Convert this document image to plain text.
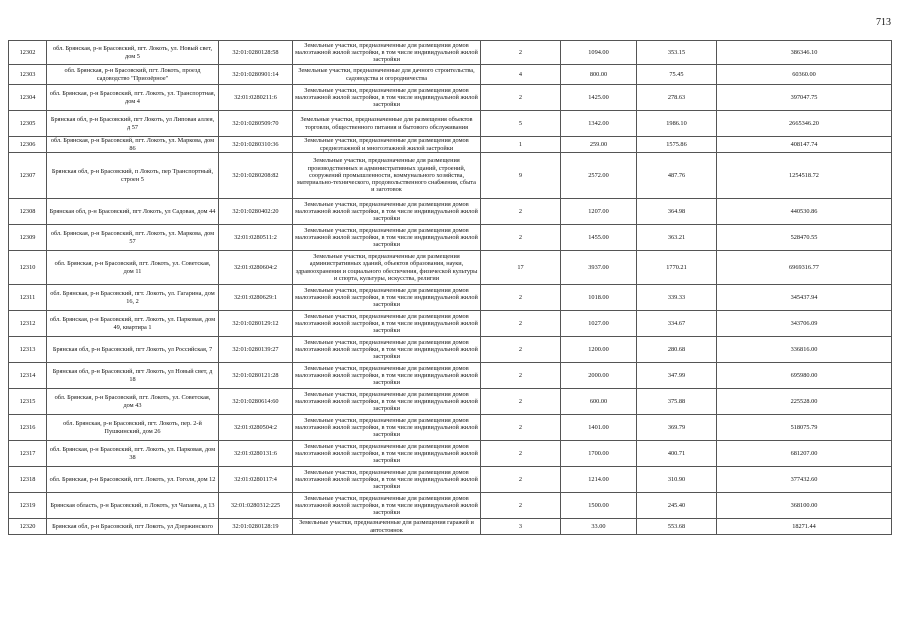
713
12302	обл. Брянская, р-н Брасовский, пгт. Локоть, ул. Новый свет, дом 5	32:01:0280128:58	Земельные участки, предназначенные для размещения домов малоэтажной жилой застройки, в том числе индивидуальной жилой застройки	2	1094.00	353.15	386346.10
12303	обл. Брянская, р-н Брасовский, пгт. Локоть, проезд садоводство "Приозёрное"	32:01:0280901:14	Земельные участки, предназначенные для дачного строительства, садоводства и огородничества	4	800.00	75.45	60360.00
12304	обл. Брянская, р-н Брасовский, пгт. Локоть, ул. Транспортная, дом 4	32:01:0280211:6	Земельные участки, предназначенные для размещения домов малоэтажной жилой застройки, в том числе индивидуальной жилой застройки	2	1425.00	278.63	397047.75
12305	Брянская обл, р-н Брасовский, пгт Локоть, ул Липовая аллея, д 57	32:01:0280509:70	Земельные участки, предназначенные для размещения объектов торговли, общественного питания и бытового обслуживания	5	1342.00	1986.10	2665346.20
12306	обл. Брянская, р-н Брасовский, пгт. Локоть, ул. Маркова, дом 86	32:01:0280310:36	Земельные участки, предназначенные для размещения домов среднеэтажной и многоэтажной жилой застройки	1	259.00	1575.86	408147.74
12307	Брянская обл, р-н Брасовский, п Локоть, пер Транспортный, строен 5	32:01:0280208:82	Земельные участки, предназначенные для размещения производственных и административных зданий, строений, сооружений промышленности, коммунального хозяйства, материально-технического, продовольственного снабжения, сбыта и заготовок	9	2572.00	487.76	1254518.72
12308	Брянская обл, р-н Брасовский, пгт Локоть, ул Садовая, дом 44	32:01:0280402:20	Земельные участки, предназначенные для размещения домов малоэтажной жилой застройки, в том числе индивидуальной жилой застройки	2	1207.00	364.98	440530.86
12309	обл. Брянская, р-н Брасовский, пгт. Локоть, ул. Маркова, дом 57	32:01:0280511:2	Земельные участки, предназначенные для размещения домов малоэтажной жилой застройки, в том числе индивидуальной жилой застройки	2	1455.00	363.21	528470.55
12310	обл. Брянская, р-н Брасовский, пгт. Локоть, ул. Советская, дом 11	32:01:0280604:2	Земельные участки, предназначенные для размещения административных зданий, объектов образования, науки, здравоохранения и социального обеспечения, физической культуры и спорта, культуры, искусства, религии	17	3937.00	1770.21	6969316.77
12311	обл. Брянская, р-н Брасовский, пгт. Локоть, ул. Гагарина, дом 16, 2	32:01:0280629:1	Земельные участки, предназначенные для размещения домов малоэтажной жилой застройки, в том числе индивидуальной жилой застройки	2	1018.00	339.33	345437.94
12312	обл. Брянская, р-н Брасовский, пгт. Локоть, ул. Парковая, дом 49, квартира 1	32:01:0280129:12	Земельные участки, предназначенные для размещения домов малоэтажной жилой застройки, в том числе индивидуальной жилой застройки	2	1027.00	334.67	343706.09
12313	Брянская обл, р-н Брасовский, пгт Локоть, ул Российская, 7	32:01:0280139:27	Земельные участки, предназначенные для размещения домов малоэтажной жилой застройки, в том числе индивидуальной жилой застройки	2	1200.00	280.68	336816.00
12314	Брянская обл, р-н Брасовский, пгт Локоть, ул Новый свет, д 18	32:01:0280121:28	Земельные участки, предназначенные для размещения домов малоэтажной жилой застройки, в том числе индивидуальной жилой застройки	2	2000.00	347.99	695980.00
12315	обл. Брянская, р-н Брасовский, пгт. Локоть, ул. Советская, дом 43	32:01:0280614:60	Земельные участки, предназначенные для размещения домов малоэтажной жилой застройки, в том числе индивидуальной жилой застройки	2	600.00	375.88	225528.00
12316	обл. Брянская, р-н Брасовский, пгт. Локоть, пер. 2-й Пушкинский, дом 26	32:01:0280504:2	Земельные участки, предназначенные для размещения домов малоэтажной жилой застройки, в том числе индивидуальной жилой застройки	2	1401.00	369.79	518075.79
12317	обл. Брянская, р-н Брасовский, пгт. Локоть, ул. Парковая, дом 38	32:01:0280131:6	Земельные участки, предназначенные для размещения домов малоэтажной жилой застройки, в том числе индивидуальной жилой застройки	2	1700.00	400.71	681207.00
12318	обл. Брянская, р-н Брасовский, пгт. Локоть, ул. Гоголя, дом 12	32:01:0280117:4	Земельные участки, предназначенные для размещения домов малоэтажной жилой застройки, в том числе индивидуальной жилой застройки	2	1214.00	310.90	377432.60
12319	Брянская область, р-н Брасовский, п Локоть, ул Чапаева, д 13	32:01:0280312:225	Земельные участки, предназначенные для размещения домов малоэтажной жилой застройки, в том числе индивидуальной жилой застройки	2	1500.00	245.40	368100.00
12320	Брянская обл, р-н Брасовский, пгт Локоть, ул Дзержинского	32:01:0280128:19	Земельные участки, предназначенные для размещения гаражей и автостоянок	3	33.00	553.68	18271.44
